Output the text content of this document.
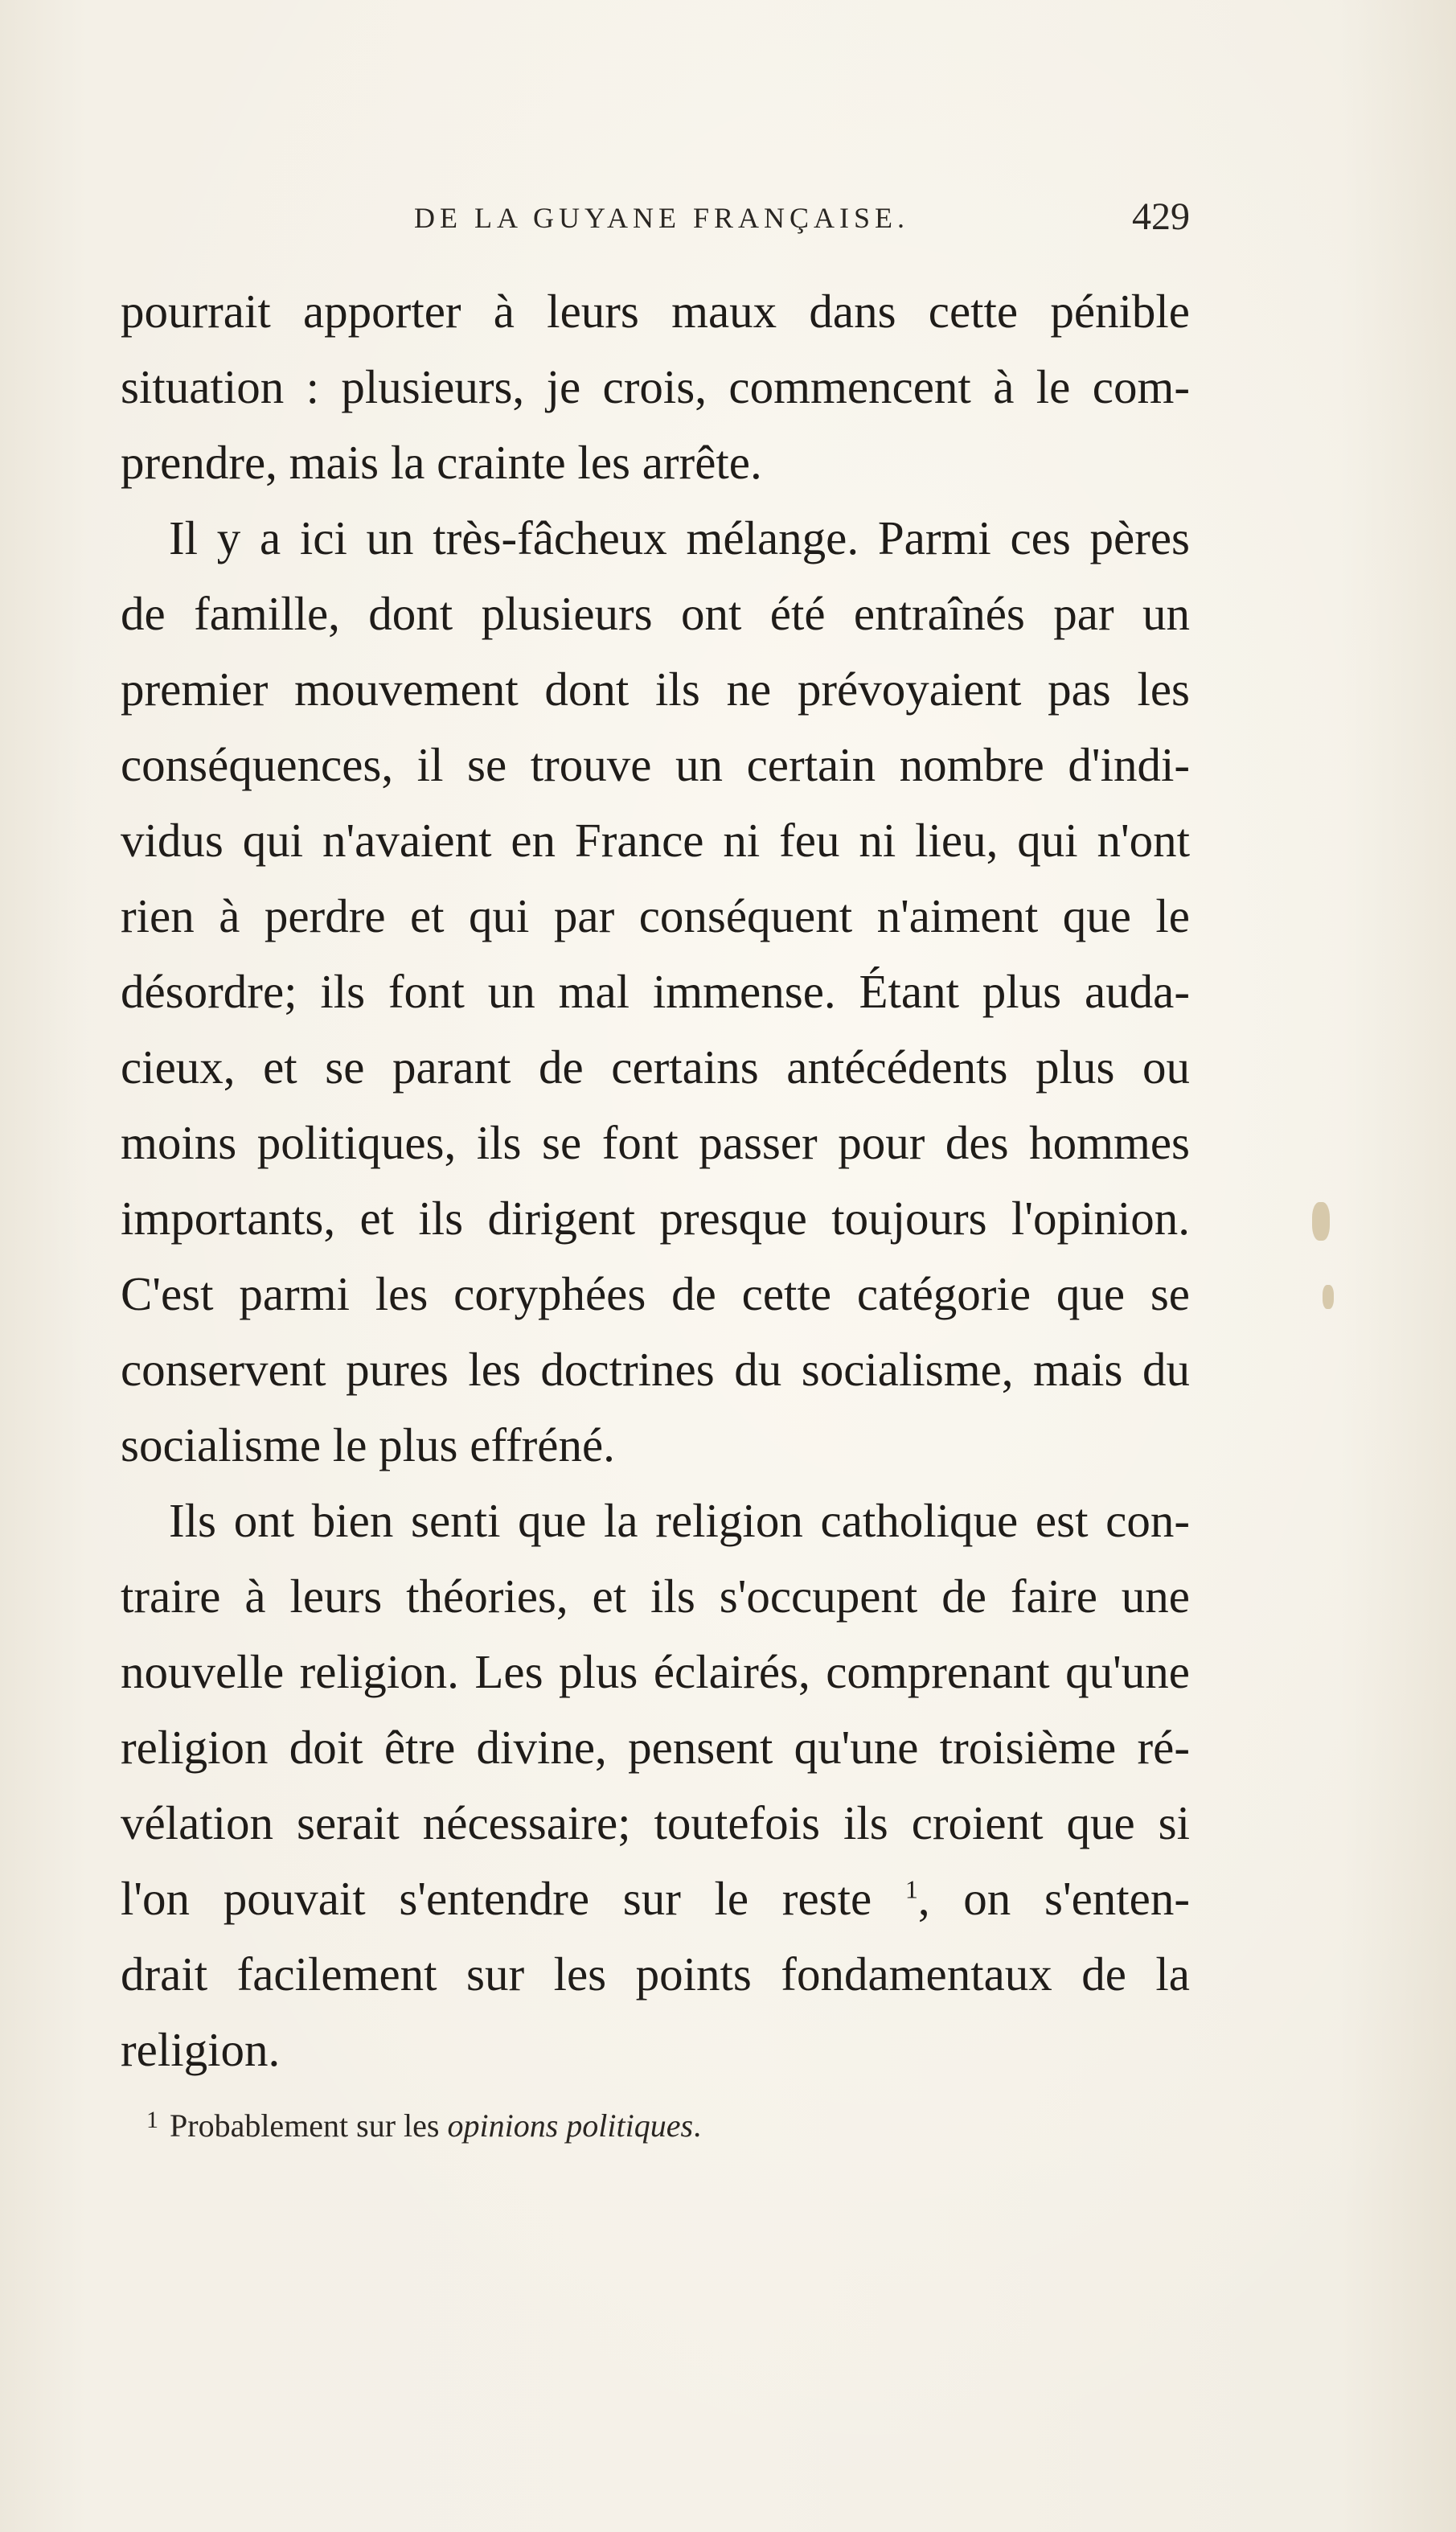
DE LA GUYANE FRANÇAISE.	429
pourrait apporter à leurs maux dans cette pénible
situation : plusieurs, je crois, commencent à le com-
prendre, mais la crainte les arrête.
Il y a ici un très-fâcheux mélange. Parmi ces pères
de famille, dont plusieurs ont été entraînés par un
premier mouvement dont ils ne prévoyaient pas les
conséquences, il se trouve un certain nombre d'indi-
vidus qui n'avaient en France ni feu ni lieu, qui n'ont
rien à perdre et qui par conséquent n'aiment que le
désordre; ils font un mal immense. Étant plus auda-
cieux, et se parant de certains antécédents plus ou
moins politiques, ils se font passer pour des hommes
importants, et ils dirigent presque toujours l'opinion.
C'est parmi les coryphées de cette catégorie que se
conservent pures les doctrines du socialisme, mais du
socialisme le plus effréné.
Ils ont bien senti que la religion catholique est con-
traire à leurs théories, et ils s'occupent de faire une
nouvelle religion. Les plus éclairés, comprenant qu'une
religion doit être divine, pensent qu'une troisième ré-
vélation serait nécessaire; toutefois ils croient que si
l'on pouvait s'entendre sur le reste $^1$, on s'enten-
drait facilement sur les points fondamentaux de la
religion.
$^1$ Probablement sur les opinions politiques.
